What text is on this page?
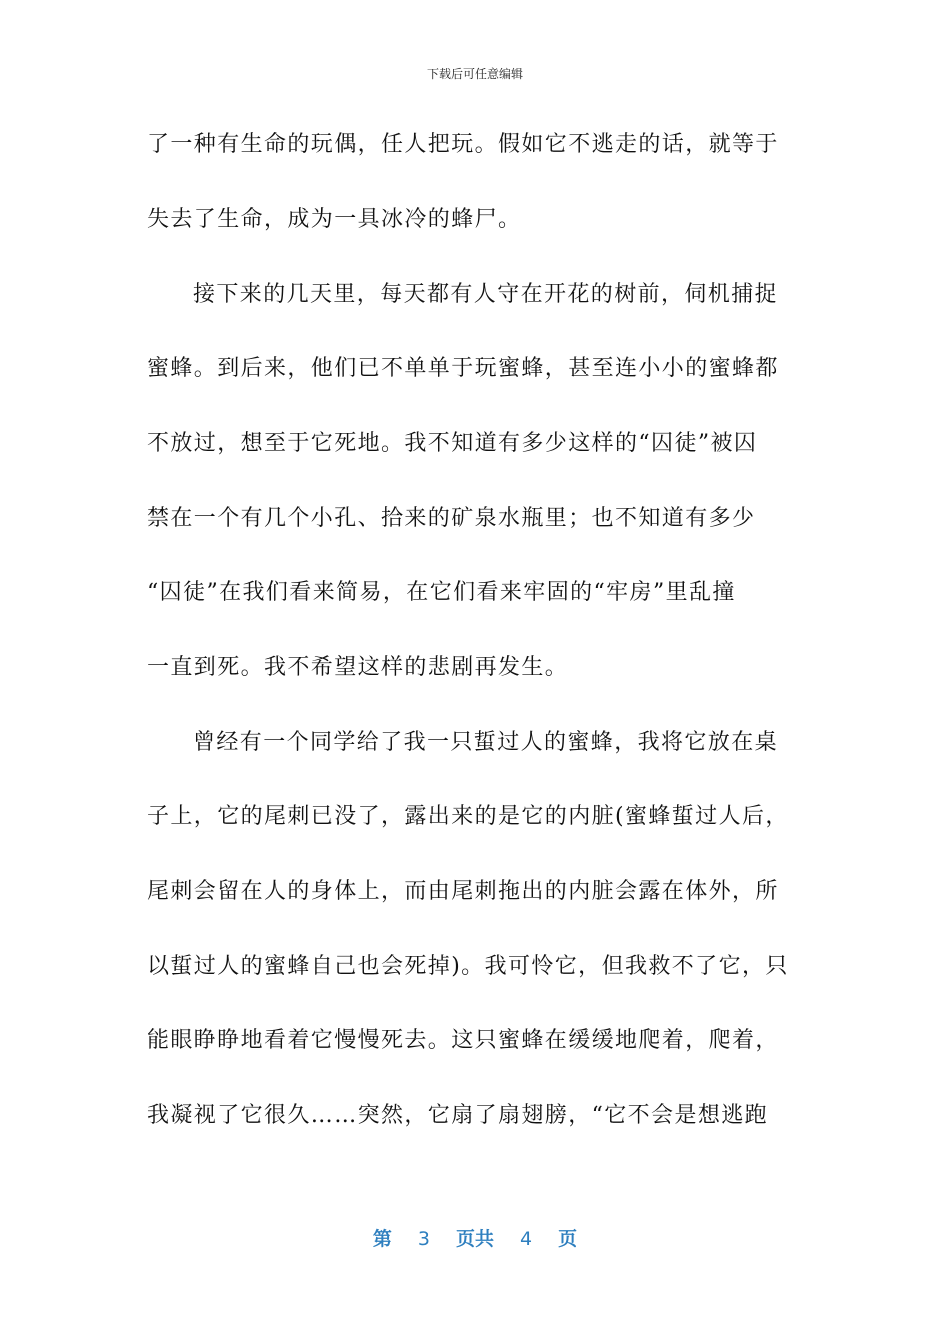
下载后可任意编辑
了一种有生命的玩偶，任人把玩。假如它不逃走的话，就等于
失去了生命，成为一具冰冷的蜂尸。
接下来的几天里，每天都有人守在开花的树前，伺机捕捉
蜜蜂。到后来，他们已不单单于玩蜜蜂，甚至连小小的蜜蜂都
不放过，想至于它死地。我不知道有多少这样的“囚徒”被囚
禁在一个有几个小孔、拾来的矿泉水瓶里；也不知道有多少
“囚徒”在我们看来简易，在它们看来牢固的“牢房”里乱撞
一直到死。我不希望这样的悲剧再发生。
曾经有一个同学给了我一只蜇过人的蜜蜂，我将它放在桌
子上，它的尾刺已没了，露出来的是它的内脏(蜜蜂蜇过人后，
尾刺会留在人的身体上，而由尾刺拖出的内脏会露在体外，所
以蜇过人的蜜蜂自己也会死掉)。我可怜它，但我救不了它，只
能眼睁睁地看着它慢慢死去。这只蜜蜂在缓缓地爬着，爬着，
我凝视了它很久……突然，它扇了扇翅膀，“它不会是想逃跑
第 3 页共 4 页
